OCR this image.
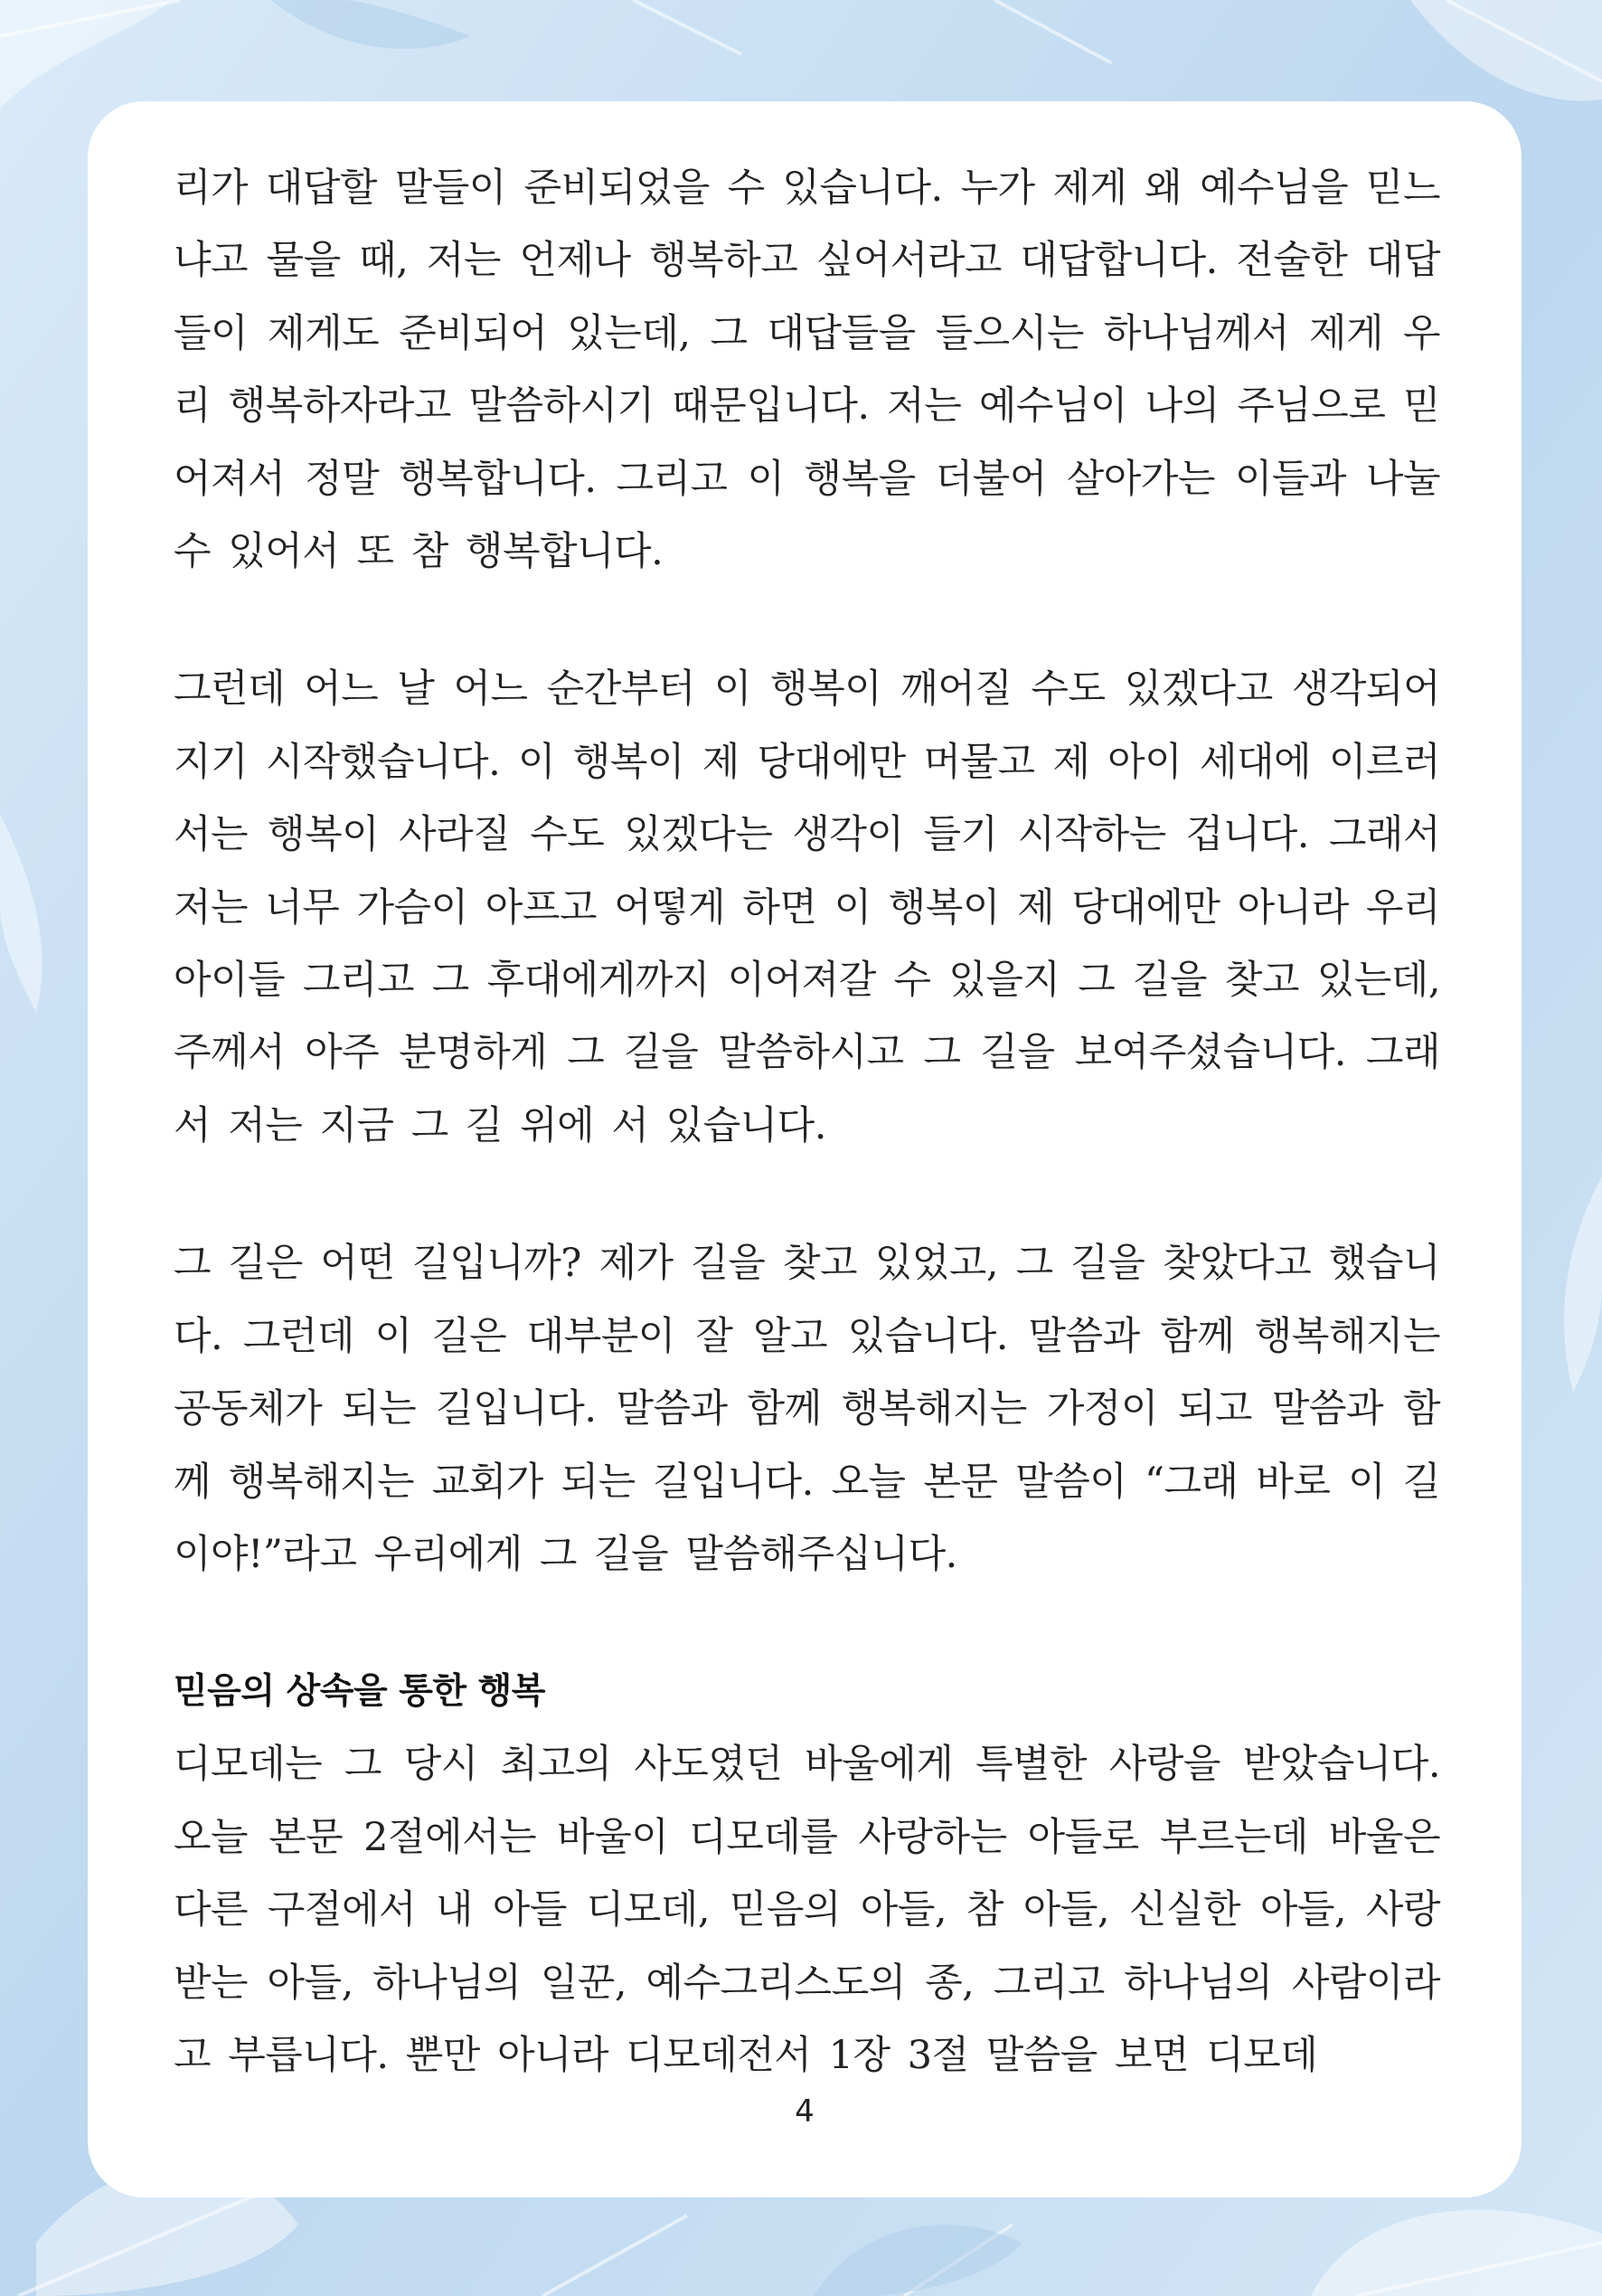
리가 대답할 말들이 준비되었을 수 있습니다. 누가 제게 왜 예수님을 믿느냐고 물을 때, 저는 언제나 행복하고 싶어서라고 대답합니다. 전술한 대답들이 제게도 준비되어 있는데, 그 대답들을 들으시는 하나님께서 제게 우리 행복하자라고 말씀하시기 때문입니다. 저는 예수님이 나의 주님으로 믿어져서 정말 행복합니다. 그리고 이 행복을 더불어 살아가는 이들과 나눌 수 있어서 또 참 행복합니다.

그런데 어느 날 어느 순간부터 이 행복이 깨어질 수도 있겠다고 생각되어지기 시작했습니다. 이 행복이 제 당대에만 머물고 제 아이 세대에 이르러서는 행복이 사라질 수도 있겠다는 생각이 들기 시작하는 겁니다. 그래서 저는 너무 가슴이 아프고 어떻게 하면 이 행복이 제 당대에만 아니라 우리 아이들 그리고 그 후대에게까지 이어져갈 수 있을지 그 길을 찾고 있는데, 주께서 아주 분명하게 그 길을 말씀하시고 그 길을 보여주셨습니다. 그래서 저는 지금 그 길 위에 서 있습니다.

그 길은 어떤 길입니까? 제가 길을 찾고 있었고, 그 길을 찾았다고 했습니다. 그런데 이 길은 대부분이 잘 알고 있습니다. 말씀과 함께 행복해지는 공동체가 되는 길입니다. 말씀과 함께 행복해지는 가정이 되고 말씀과 함께 행복해지는 교회가 되는 길입니다. 오늘 본문 말씀이 “그래 바로 이 길이야!”라고 우리에게 그 길을 말씀해주십니다.

믿음의 상속을 통한 행복

디모데는 그 당시 최고의 사도였던 바울에게 특별한 사랑을 받았습니다. 오늘 본문 2절에서는 바울이 디모데를 사랑하는 아들로 부르는데 바울은 다른 구절에서 내 아들 디모데, 믿음의 아들, 참 아들, 신실한 아들, 사랑받는 아들, 하나님의 일꾼, 예수그리스도의 종, 그리고 하나님의 사람이라고 부릅니다. 뿐만 아니라 디모데전서 1장 3절 말씀을 보면 디모데

4
